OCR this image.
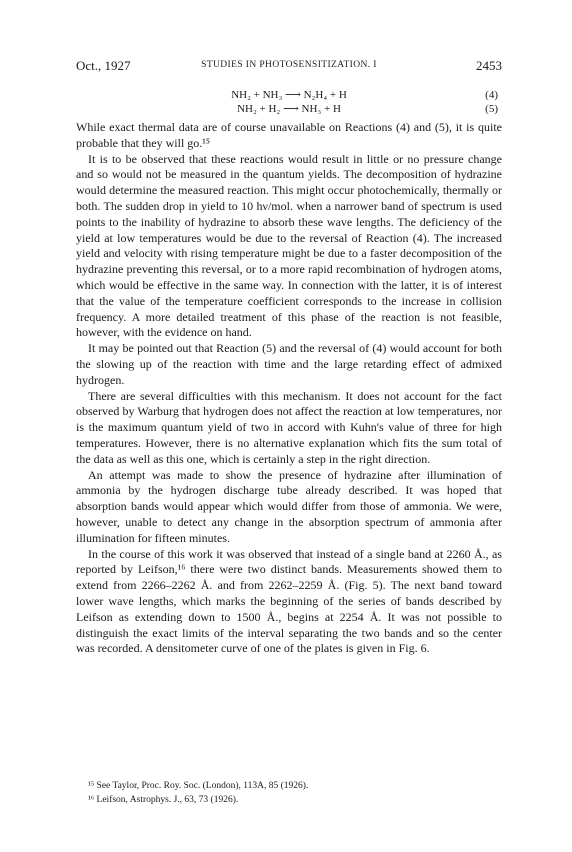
Oct., 1927	STUDIES IN PHOTOSENSITIZATION. I	2453
NH₂ + NH₃ ⟶ N₂H₄ + H	(4)
NH₂ + H₂ ⟶ NH₃ + H	(5)

While exact thermal data are of course unavailable on Reactions (4) and (5), it is quite probable that they will go.¹⁵

It is to be observed that these reactions would result in little or no pressure change and so would not be measured in the quantum yields. The decomposition of hydrazine would determine the measured reaction. This might occur photochemically, thermally or both. The sudden drop in yield to 10 hν/mol. when a narrower band of spectrum is used points to the inability of hydrazine to absorb these wave lengths. The deficiency of the yield at low temperatures would be due to the reversal of Reaction (4). The increased yield and velocity with rising temperature might be due to a faster decomposition of the hydrazine preventing this reversal, or to a more rapid recombination of hydrogen atoms, which would be effective in the same way. In connection with the latter, it is of interest that the value of the temperature coefficient corresponds to the increase in collision frequency. A more detailed treatment of this phase of the reaction is not feasible, however, with the evidence on hand.

It may be pointed out that Reaction (5) and the reversal of (4) would account for both the slowing up of the reaction with time and the large retarding effect of admixed hydrogen.

There are several difficulties with this mechanism. It does not account for the fact observed by Warburg that hydrogen does not affect the reaction at low temperatures, nor is the maximum quantum yield of two in accord with Kuhn's value of three for high temperatures. However, there is no alternative explanation which fits the sum total of the data as well as this one, which is certainly a step in the right direction.

An attempt was made to show the presence of hydrazine after illumination of ammonia by the hydrogen discharge tube already described. It was hoped that absorption bands would appear which would differ from those of ammonia. We were, however, unable to detect any change in the absorption spectrum of ammonia after illumination for fifteen minutes.

In the course of this work it was observed that instead of a single band at 2260 Å., as reported by Leifson,¹⁶ there were two distinct bands. Measurements showed them to extend from 2266–2262 Å. and from 2262–2259 Å. (Fig. 5). The next band toward lower wave lengths, which marks the beginning of the series of bands described by Leifson as extending down to 1500 Å., begins at 2254 Å. It was not possible to distinguish the exact limits of the interval separating the two bands and so the center was recorded. A densitometer curve of one of the plates is given in Fig. 6.

¹⁵ See Taylor, Proc. Roy. Soc. (London), 113A, 85 (1926).
¹⁶ Leifson, Astrophys. J., 63, 73 (1926).
